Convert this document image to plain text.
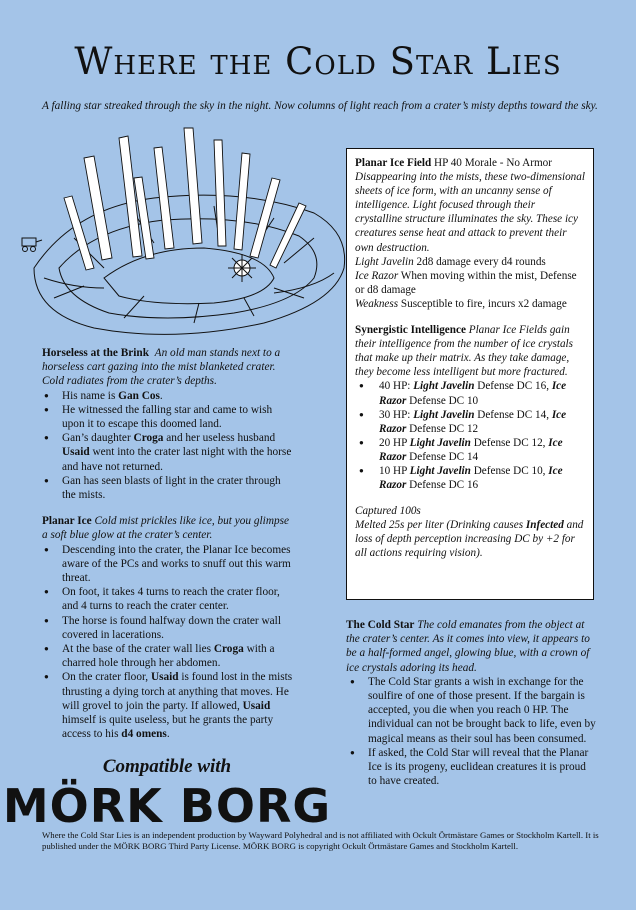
Where the Cold Star Lies
A falling star streaked through the sky in the night. Now columns of light reach from a crater’s misty depths toward the sky.

Horseless at the Brink An old man stands next to a horseless cart gazing into the mist blanketed crater. Cold radiates from the crater’s depths.

● His name is Gan Cos.
● He witnessed the falling star and came to wish upon it to escape this doomed land.
● Gan’s daughter Croga and her useless husband Usaid went into the crater last night with the horse and have not returned.
● Gan has seen blasts of light in the crater through the mists.

Planar Ice Cold mist prickles like ice, but you glimpse a soft blue glow at the crater’s center.

● Descending into the crater, the Planar Ice becomes aware of the PCs and works to snuff out this warm threat.
● On foot, it takes 4 turns to reach the crater floor, and 4 turns to reach the crater center.
● The horse is found halfway down the crater wall covered in lacerations.
● At the base of the crater wall lies Croga with a charred hole through her abdomen.
● On the crater floor, Usaid is found lost in the mists thrusting a dying torch at anything that moves. He will grovel to join the party. If allowed, Usaid himself is quite useless, but he grants the party access to his d4 omens.

Planar Ice Field HP 40 Morale - No Armor

Disappearing into the mists, these two-dimensional sheets of ice form, with an uncanny sense of intelligence. Light focused through their crystalline structure illuminates the sky. These icy creatures sense heat and attack to prevent their own destruction.

Light Javelin 2d8 damage every d4 rounds

Ice Razor When moving within the mist, Defense or d8 damage

Weakness Susceptible to fire, incurs x2 damage

Synergistic Intelligence Planar Ice Fields gain their intelligence from the number of ice crystals that make up their matrix. As they take damage, they become less intelligent but more fractured.

● 40 HP: Light Javelin Defense DC 16, Ice Razor Defense DC 10
● 30 HP: Light Javelin Defense DC 14, Ice Razor Defense DC 12
● 20 HP Light Javelin Defense DC 12, Ice Razor Defense DC 14
● 10 HP Light Javelin Defense DC 10, Ice Razor Defense DC 16

Captured 100s

Melted 25s per liter (Drinking causes Infected and loss of depth perception increasing DC by +2 for all actions requiring vision).

The Cold Star The cold emanates from the object at the crater’s center. As it comes into view, it appears to be a half-formed angel, glowing blue, with a crown of ice crystals adoring its head.

● The Cold Star grants a wish in exchange for the soulfire of one of those present. If the bargain is accepted, you die when you reach 0 HP. The individual can not be brought back to life, even by magical means as their soul has been consumed.
● If asked, the Cold Star will reveal that the Planar Ice is its progeny, euclidean creatures it is proud to have created.
Compatible with
MÖRK BORG
Where the Cold Star Lies is an independent production by Wayward Polyhedral and is not affiliated with Ockult Örtmästare Games or Stockholm Kartell. It is published under the MÖRK BORG Third Party License. MÖRK BORG is copyright Ockult Örtmästare Games and Stockholm Kartell.
